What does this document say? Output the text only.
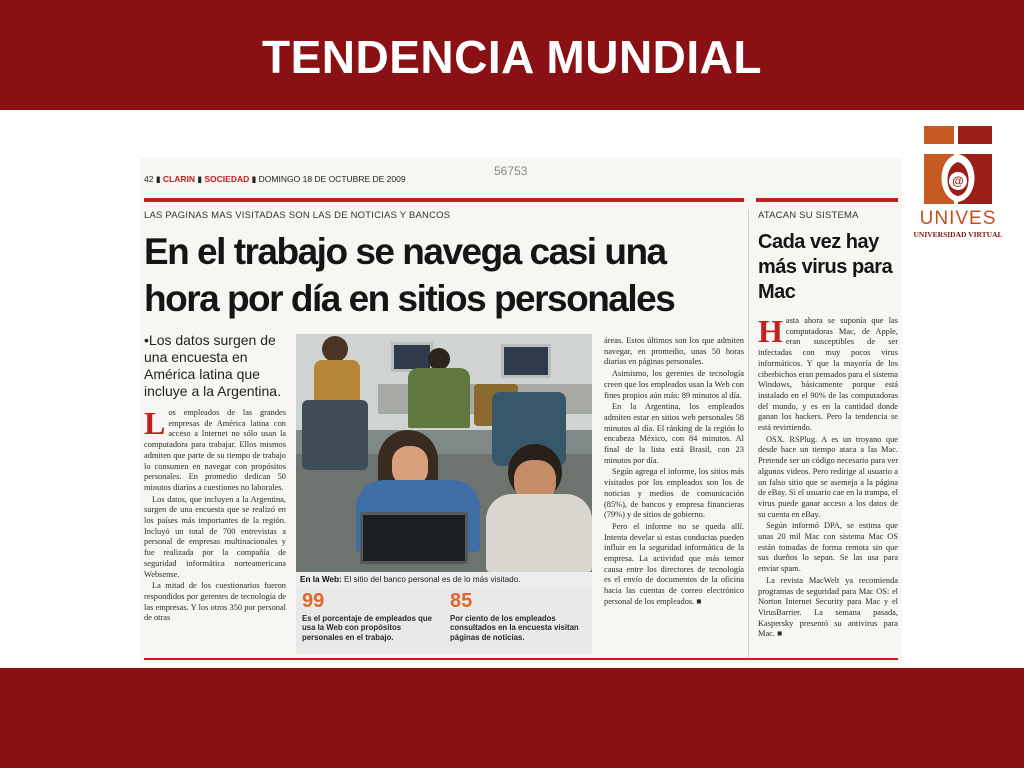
TENDENCIA MUNDIAL
42 ▮ CLARIN ▮ SOCIEDAD ▮ DOMINGO 18 DE OCTUBRE DE 2009
56753
LAS PAGINAS MAS VISITADAS SON LAS DE NOTICIAS Y BANCOS	ATACAN SU SISTEMA
En el trabajo se navega casi una hora por día en sitios personales
Cada vez hay más virus para Mac
•Los datos surgen de una encuesta en América latina que incluye a la Argentina.
L os empleados de las grandes empresas de América latina con acceso a Internet no sólo usan la computadora para trabajar. Ellos mismos admiten que parte de su tiempo de trabajo lo consumen en navegar con propósitos personales. En promedio dedican 50 minutos diarios a cuestiones no laborales.

Los datos, que incluyen a la Argentina, surgen de una encuesta que se realizó en los países más importantes de la región. Incluyó un total de 700 entrevistas a personal de empresas multinacionales y fue realizada por la compañía de seguridad informática norteamericana Websense.

La mitad de los cuestionarios fueron respondidos por gerentes de tecnología de las empresas. Y los otros 350 por personal de otras

En la Web: El sitio del banco personal es de lo más visitado.
99
Es el porcentaje de empleados que usa la Web con propósitos personales en el trabajo.
85
Por ciento de los empleados consultados en la encuesta visitan páginas de noticias.

áreas. Estos últimos son los que admiten navegar, en promedio, unas 50 horas diarias en páginas personales.

Asimismo, los gerentes de tecnología creen que los empleados usan la Web con fines propios aún más: 89 minutos al día.

En la Argentina, los empleados admiten estar en sitios web personales 58 minutos al día. El ránking de la región lo encabeza México, con 84 minutos. Al final de la lista está Brasil, con 23 minutos por día.

Según agrega el informe, los sitios más visitados por los empleados son los de noticias y medios de comunicación (85%), de bancos y empresa financieras (79%) y de sitios de gobierno.

Pero el informe no se queda allí. Intenta develar si estas conductas pueden influir en la seguridad informática de la empresa. La actividad que más temor causa entre los directores de tecnología es el envío de documentos de la oficina hacia las cuentas de correo electrónico personal de los empleados. ■

H asta ahora se suponía que las computadoras Mac, de Apple, eran susceptibles de ser infectadas con muy pocos virus informáticos. Y que la mayoría de los ciberbichos eran pensados para el sistema Windows, básicamente porque está instalado en el 90% de las computadoras del mundo, y es en la cantidad donde ganan los hackers. Pero la tendencia se está revirtiendo.

OSX. RSPlug. A es un troyano que desde hace un tiempo ataca a las Mac. Pretende ser un código necesario para ver algunos videos. Pero redirige al usuario a un falso sitio que se asemeja a la página de eBay. Si el usuario cae en la trampa, el virus puede ganar acceso a los datos de su cuenta en eBay.

Según informó DPA, se estima que unas 20 mil Mac con sistema Mac OS están tomadas de forma remota sin que sus dueños lo sepan. Se las usa para enviar spam.

La revista MacWelt ya recomienda programas de seguridad para Mac OS: el Norton Internet Security para Mac y el VirusBarrier. La semana pasada, Kaspersky presentó su antivirus para Mac. ■

@
UNIVES
UNIVERSIDAD VIRTUAL
